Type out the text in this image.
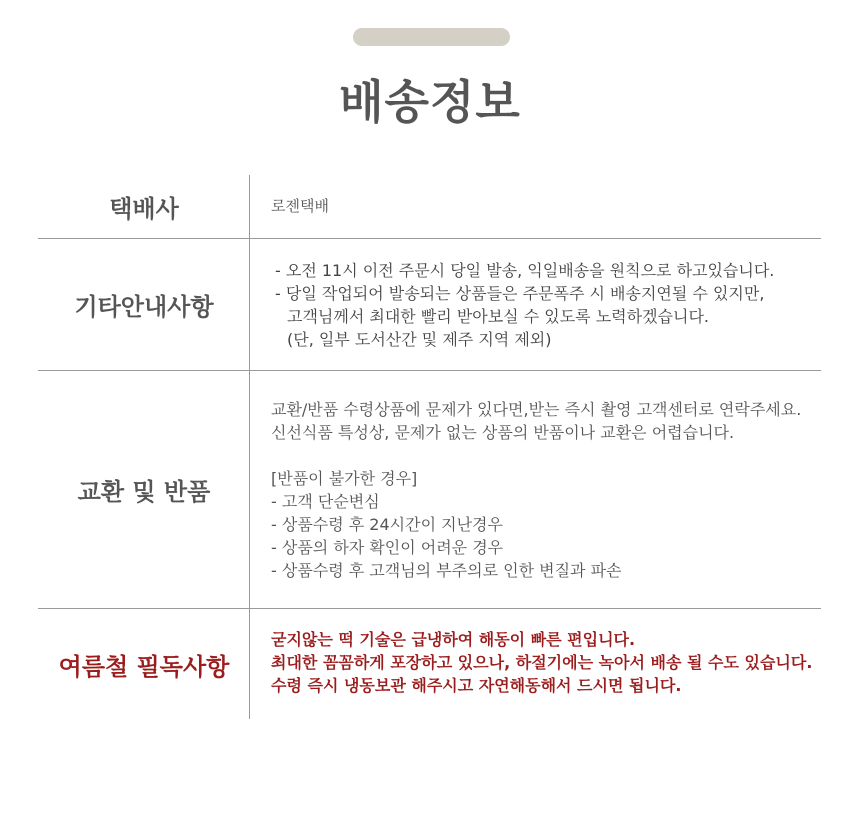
배송정보
택배사	로젠택배
기타안내사항
- 오전 11시 이전 주문시 당일 발송, 익일배송을 원칙으로 하고있습니다.
- 당일 작업되어 발송되는 상품들은 주문폭주 시 배송지연될 수 있지만,
고객님께서 최대한 빨리 받아보실 수 있도록 노력하겠습니다.
(단, 일부 도서산간 및 제주 지역 제외)
교환 및 반품
교환/반품 수령상품에 문제가 있다면,받는 즉시 촬영 고객센터로 연락주세요.
신선식품 특성상, 문제가 없는 상품의 반품이나 교환은 어렵습니다.
[반품이 불가한 경우]
- 고객 단순변심
- 상품수령 후 24시간이 지난경우
- 상품의 하자 확인이 어려운 경우
- 상품수령 후 고객님의 부주의로 인한 변질과 파손
여름철 필독사항
굳지않는 떡 기술은 급냉하여 해동이 빠른 편입니다.
최대한 꼼꼼하게 포장하고 있으나, 하절기에는 녹아서 배송 될 수도 있습니다.
수령 즉시 냉동보관 해주시고 자연해동해서 드시면 됩니다.
